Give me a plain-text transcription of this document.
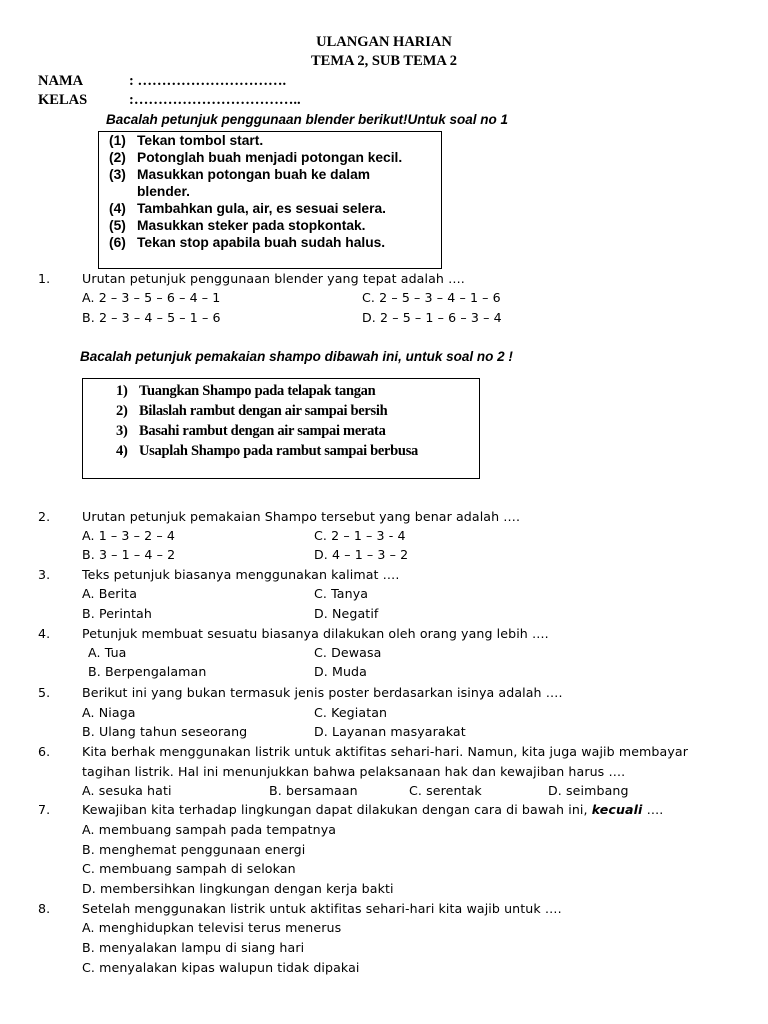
ULANGAN HARIAN
TEMA 2, SUB TEMA 2
NAMA	: ………………………….
KELAS	:……………………………..
Bacalah petunjuk penggunaan blender berikut!Untuk soal no 1
(1) Tekan tombol start.
(2) Potonglah buah menjadi potongan kecil.
(3) Masukkan potongan buah ke dalam
blender.
(4) Tambahkan gula, air, es sesuai selera.
(5) Masukkan steker pada stopkontak.
(6) Tekan stop apabila buah sudah halus.
1.	Urutan petunjuk penggunaan blender yang tepat adalah ….
A. 2 – 3 – 5 – 6 – 4 – 1	C. 2 – 5 – 3 – 4 – 1 – 6
B. 2 – 3 – 4 – 5 – 1 – 6	D. 2 – 5 – 1 – 6 – 3 – 4
Bacalah petunjuk pemakaian shampo dibawah ini, untuk soal no 2 !
1) Tuangkan Shampo pada telapak tangan
2) Bilaslah rambut dengan air sampai bersih
3) Basahi rambut dengan air sampai merata
4) Usaplah Shampo pada rambut sampai berbusa
2.	Urutan petunjuk pemakaian Shampo tersebut yang benar adalah ….
A. 1 – 3 – 2 – 4	C. 2 – 1 – 3 - 4
B. 3 – 1 – 4 – 2	D. 4 – 1 – 3 – 2
3.	Teks petunjuk biasanya menggunakan kalimat ….
A. Berita	C. Tanya
B. Perintah	D. Negatif
4.	Petunjuk membuat sesuatu biasanya dilakukan oleh orang yang lebih ….
A. Tua	C. Dewasa
B. Berpengalaman	D. Muda
5.	Berikut ini yang bukan termasuk jenis poster berdasarkan isinya adalah ….
A. Niaga	C. Kegiatan
B. Ulang tahun seseorang	D. Layanan masyarakat
6.	Kita berhak menggunakan listrik untuk aktifitas sehari-hari. Namun, kita juga wajib membayar
tagihan listrik. Hal ini menunjukkan bahwa pelaksanaan hak dan kewajiban harus ….
A. sesuka hati	B. bersamaan	C. serentak	D. seimbang
7.	Kewajiban kita terhadap lingkungan dapat dilakukan dengan cara di bawah ini, kecuali ….
A. membuang sampah pada tempatnya
B. menghemat penggunaan energi
C. membuang sampah di selokan
D. membersihkan lingkungan dengan kerja bakti
8.	Setelah menggunakan listrik untuk aktifitas sehari-hari kita wajib untuk ….
A. menghidupkan televisi terus menerus
B. menyalakan lampu di siang hari
C. menyalakan kipas walupun tidak dipakai
